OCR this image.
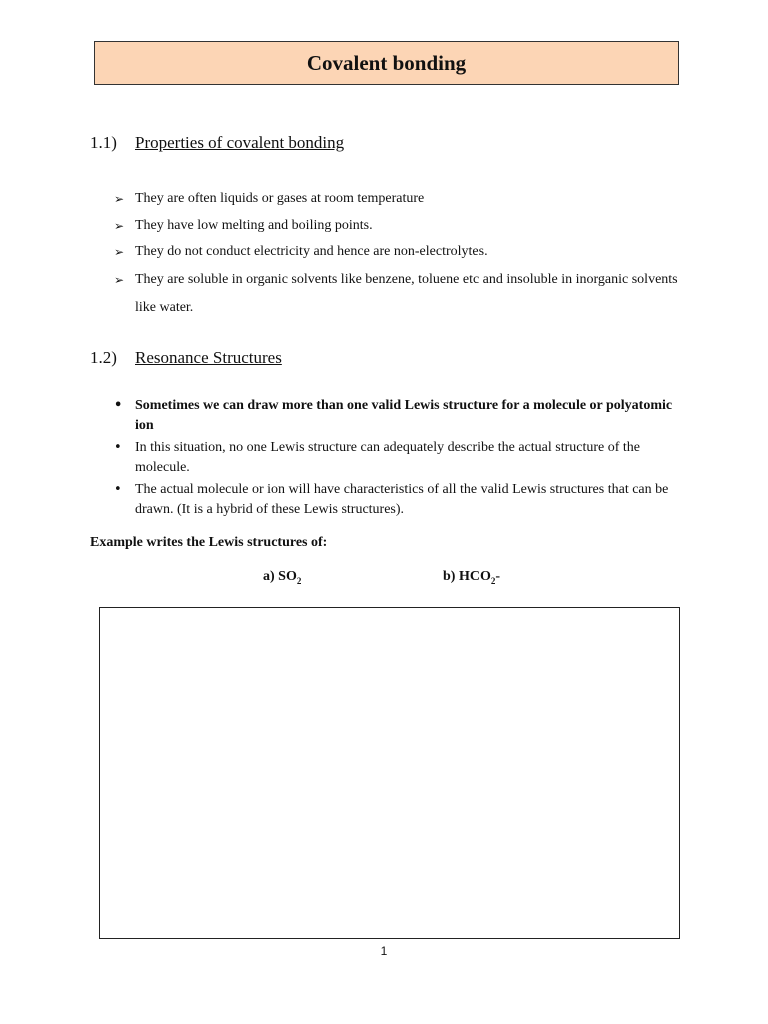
Covalent bonding
1.1) Properties of covalent bonding
➢ They are often liquids or gases at room temperature
➢ They have low melting and boiling points.
➢ They do not conduct electricity and hence are non-electrolytes.
➢ They are soluble in organic solvents like benzene, toluene etc and insoluble in inorganic solvents like water.
1.2) Resonance Structures
• Sometimes we can draw more than one valid Lewis structure for a molecule or polyatomic ion
• In this situation, no one Lewis structure can adequately describe the actual structure of the molecule.
• The actual molecule or ion will have characteristics of all the valid Lewis structures that can be drawn. (It is a hybrid of these Lewis structures).
Example writes the Lewis structures of:
a) $SO_2$	b) $HCO_2-$
1
